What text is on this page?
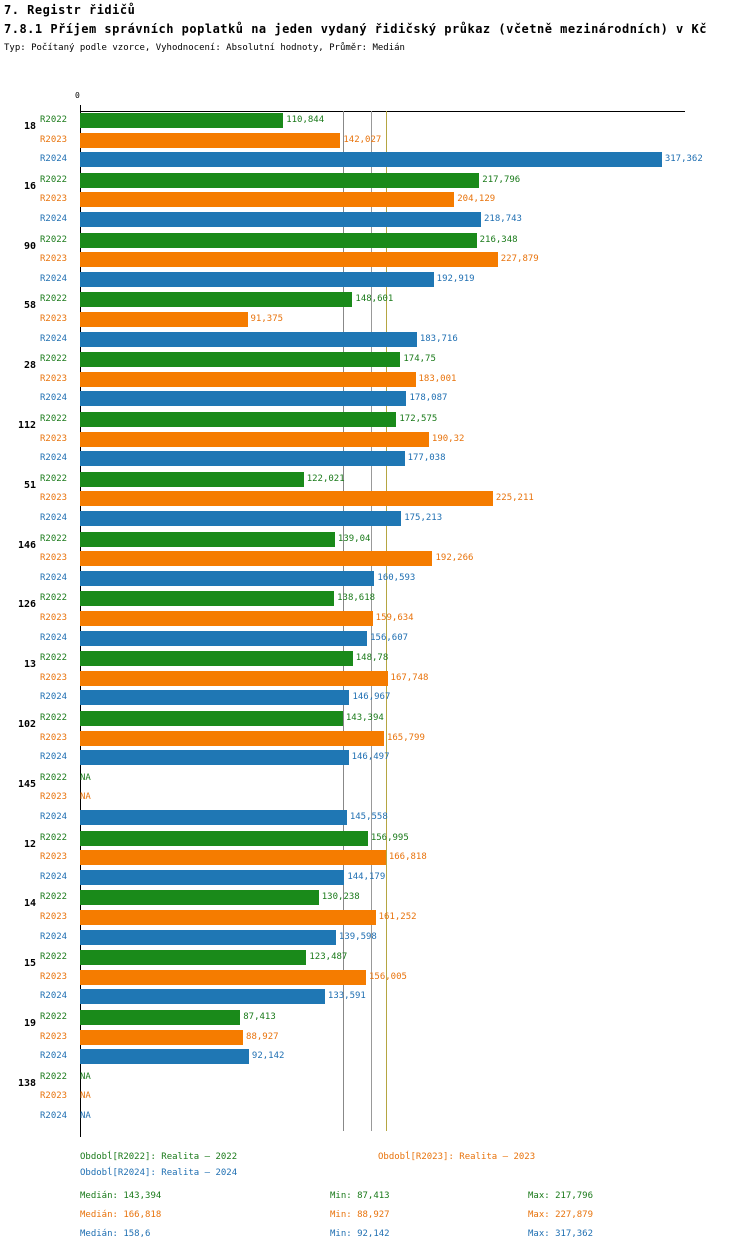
7. Registr řidičů
7.8.1 Příjem správních poplatků na jeden vydaný řidičský průkaz (včetně mezinárodních) v Kč
Typ: Počítaný podle vzorce, Vyhodnocení: Absolutní hodnoty, Průměr: Medián
0
18
R2022	110,844
R2023	142,027
R2024	317,362
16
R2022	217,796
R2023	204,129
R2024	218,743
90
R2022	216,348
R2023	227,879
R2024	192,919
58
R2022	148,601
R2023	91,375
R2024	183,716
28
R2022	174,75
R2023	183,001
R2024	178,087
112
R2022	172,575
R2023	190,32
R2024	177,038
51
R2022	122,021
R2023	225,211
R2024	175,213
146
R2022	139,04
R2023	192,266
R2024	160,593
126
R2022	138,618
R2023	159,634
R2024	156,607
13
R2022	148,78
R2023	167,748
R2024	146,967
102
R2022	143,394
R2023	165,799
R2024	146,497
145
R2022 NA
R2023 NA
R2024	145,558
12
R2022	156,995
R2023	166,818
R2024	144,179
14
R2022	130,238
R2023	161,252
R2024	139,598
15
R2022	123,487
R2023	156,005
R2024	133,591
19
R2022	87,413
R2023	88,927
R2024	92,142
138
R2022 NA
R2023 NA
R2024 NA
Obdobĺ[R2022]: Realita – 2022	Obdobĺ[R2023]: Realita – 2023
Obdobĺ[R2024]: Realita – 2024
Medián: 143,394	Min: 87,413	Max: 217,796
Medián: 166,818	Min: 88,927	Max: 227,879
Medián: 158,6	Min: 92,142	Max: 317,362
